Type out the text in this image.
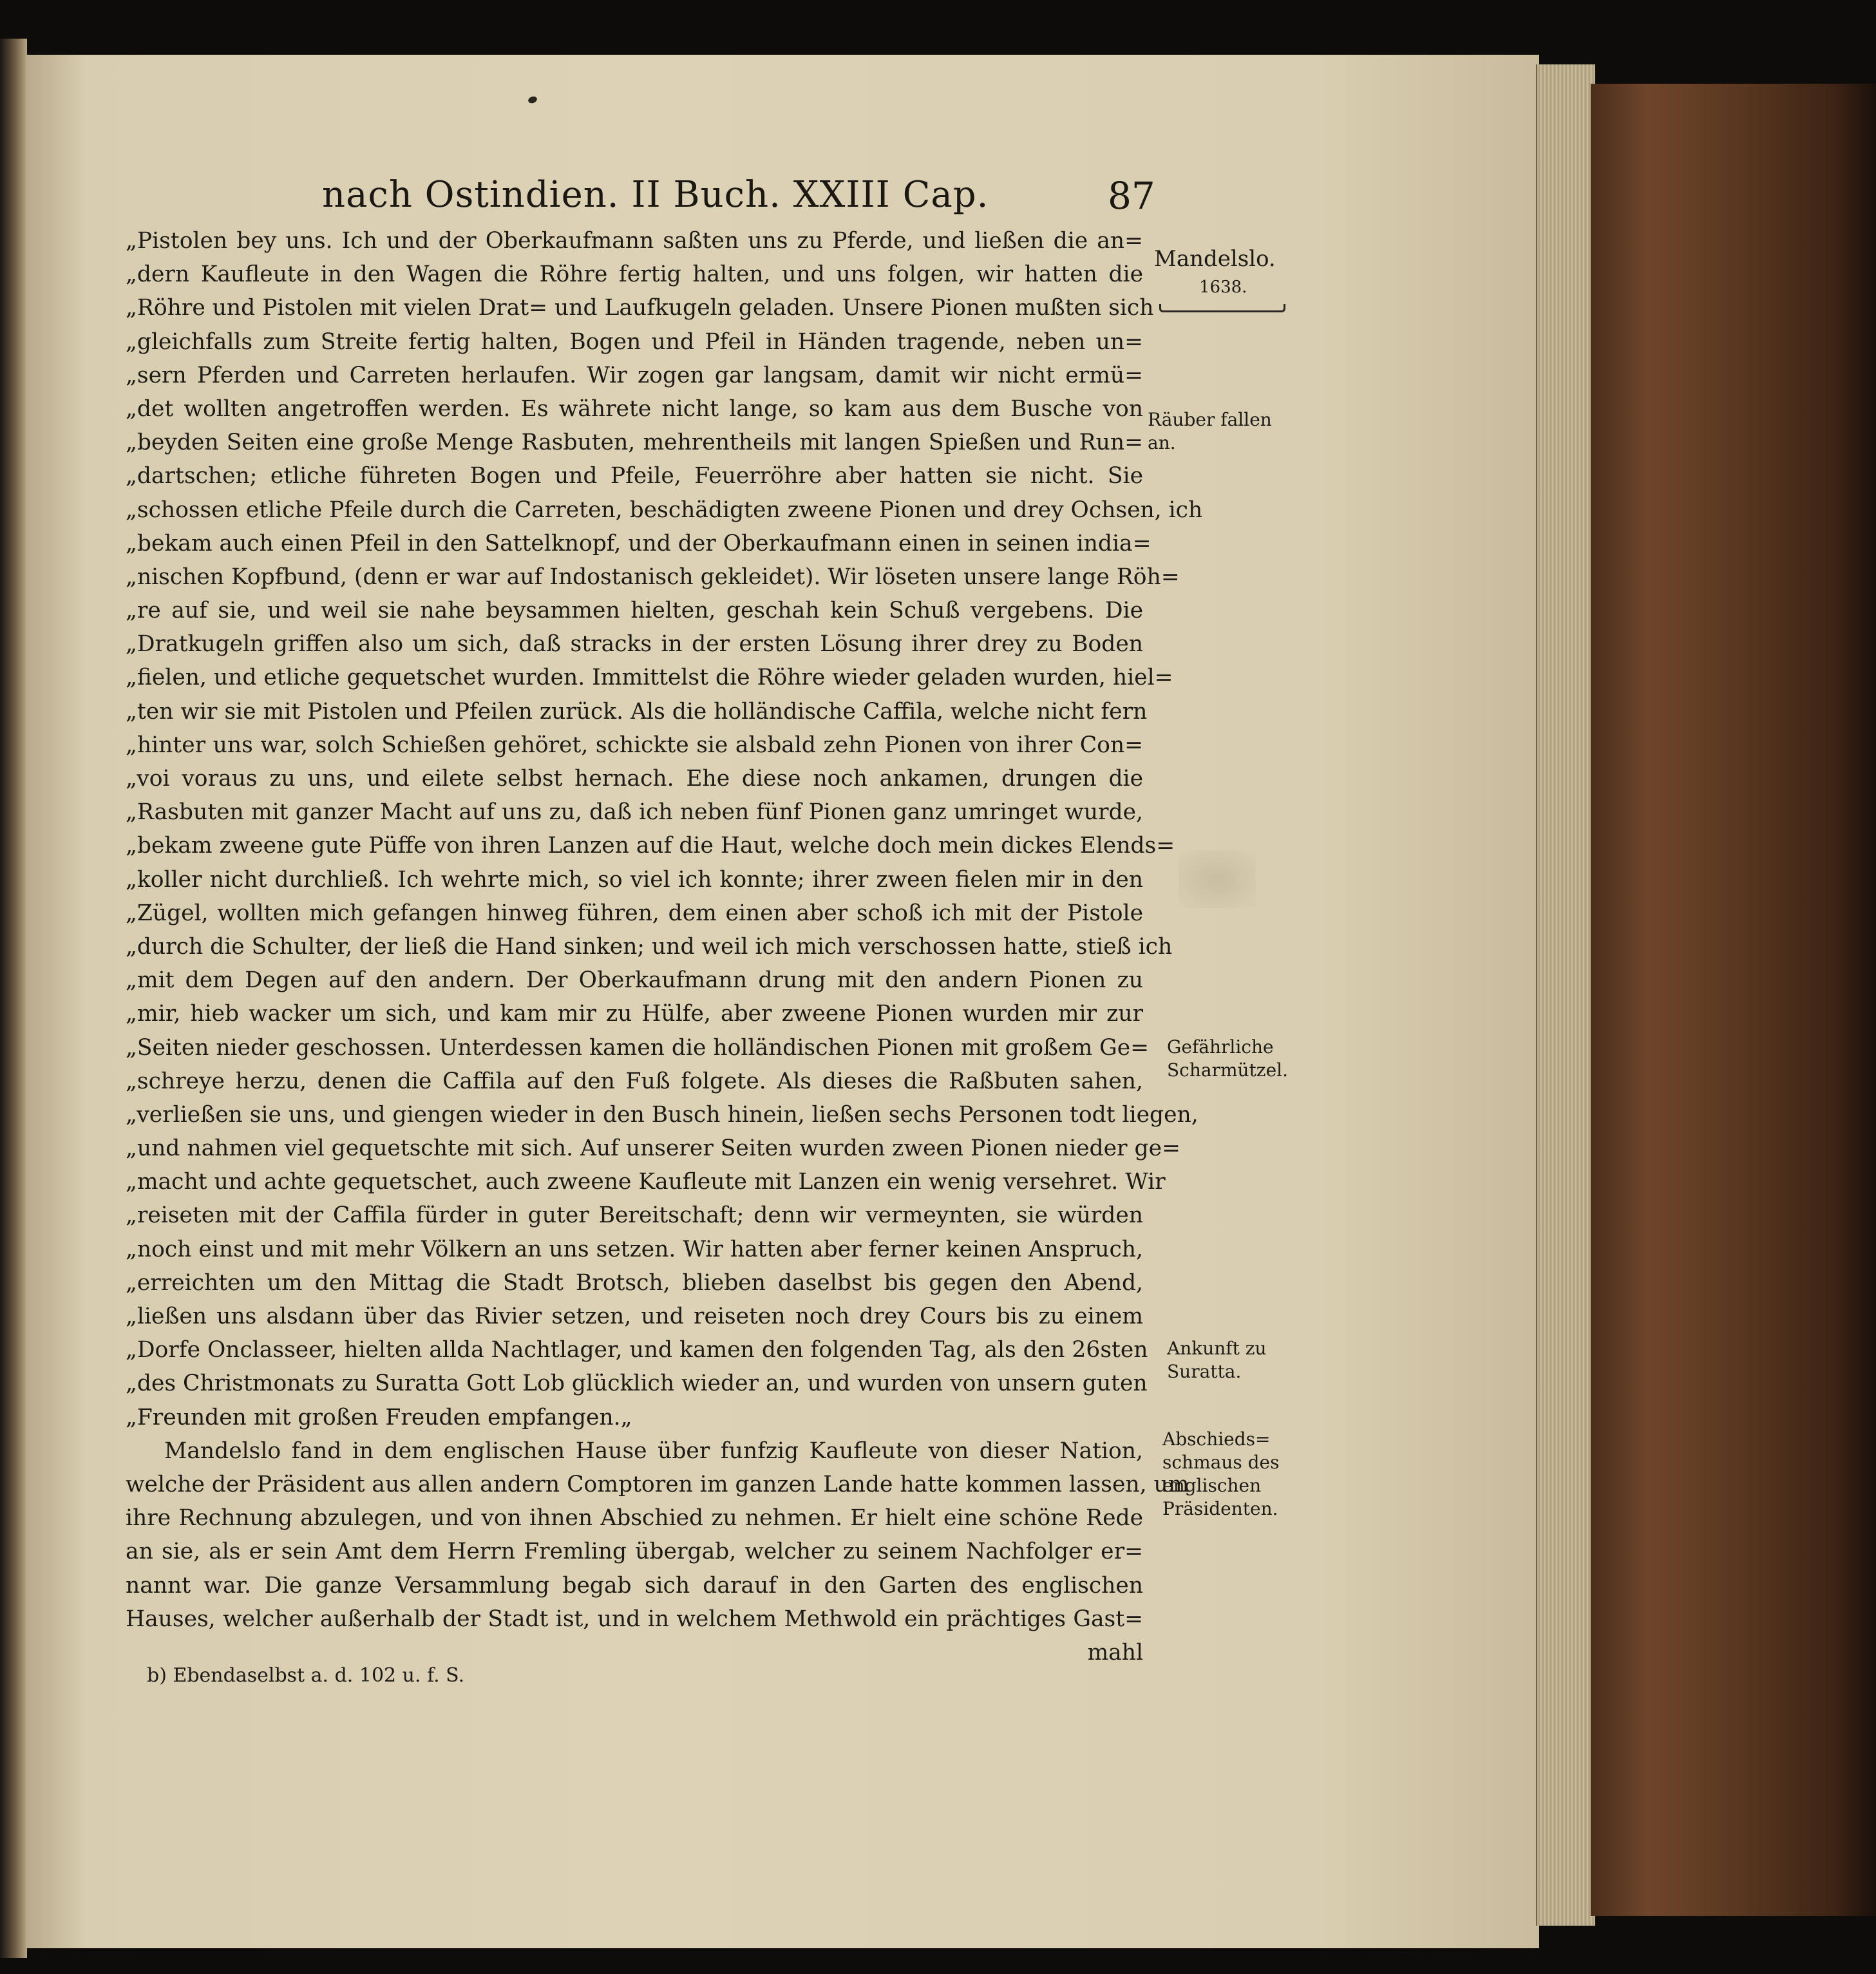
nach Ostindien. II Buch. XXIII Cap.	87
„Pistolen bey uns. Ich und der Oberkaufmann saßten uns zu Pferde, und ließen die an=
„dern Kaufleute in den Wagen die Röhre fertig halten, und uns folgen, wir hatten die
„Röhre und Pistolen mit vielen Drat= und Laufkugeln geladen. Unsere Pionen mußten sich
„gleichfalls zum Streite fertig halten, Bogen und Pfeil in Händen tragende, neben un=
„sern Pferden und Carreten herlaufen. Wir zogen gar langsam, damit wir nicht ermü=
„det wollten angetroffen werden. Es währete nicht lange, so kam aus dem Busche von
„beyden Seiten eine große Menge Rasbuten, mehrentheils mit langen Spießen und Run=
„dartschen; etliche führeten Bogen und Pfeile, Feuerröhre aber hatten sie nicht. Sie
„schossen etliche Pfeile durch die Carreten, beschädigten zweene Pionen und drey Ochsen, ich
„bekam auch einen Pfeil in den Sattelknopf, und der Oberkaufmann einen in seinen india=
„nischen Kopfbund, (denn er war auf Indostanisch gekleidet). Wir löseten unsere lange Röh=
„re auf sie, und weil sie nahe beysammen hielten, geschah kein Schuß vergebens. Die
„Dratkugeln griffen also um sich, daß stracks in der ersten Lösung ihrer drey zu Boden
„fielen, und etliche gequetschet wurden. Immittelst die Röhre wieder geladen wurden, hiel=
„ten wir sie mit Pistolen und Pfeilen zurück. Als die holländische Caffila, welche nicht fern
„hinter uns war, solch Schießen gehöret, schickte sie alsbald zehn Pionen von ihrer Con=
„voi voraus zu uns, und eilete selbst hernach. Ehe diese noch ankamen, drungen die
„Rasbuten mit ganzer Macht auf uns zu, daß ich neben fünf Pionen ganz umringet wurde,
„bekam zweene gute Püffe von ihren Lanzen auf die Haut, welche doch mein dickes Elends=
„koller nicht durchließ. Ich wehrte mich, so viel ich konnte; ihrer zween fielen mir in den
„Zügel, wollten mich gefangen hinweg führen, dem einen aber schoß ich mit der Pistole
„durch die Schulter, der ließ die Hand sinken; und weil ich mich verschossen hatte, stieß ich
„mit dem Degen auf den andern. Der Oberkaufmann drung mit den andern Pionen zu
„mir, hieb wacker um sich, und kam mir zu Hülfe, aber zweene Pionen wurden mir zur
„Seiten nieder geschossen. Unterdessen kamen die holländischen Pionen mit großem Ge=
„schreye herzu, denen die Caffila auf den Fuß folgete. Als dieses die Raßbuten sahen,
„verließen sie uns, und giengen wieder in den Busch hinein, ließen sechs Personen todt liegen,
„und nahmen viel gequetschte mit sich. Auf unserer Seiten wurden zween Pionen nieder ge=
„macht und achte gequetschet, auch zweene Kaufleute mit Lanzen ein wenig versehret. Wir
„reiseten mit der Caffila fürder in guter Bereitschaft; denn wir vermeynten, sie würden
„noch einst und mit mehr Völkern an uns setzen. Wir hatten aber ferner keinen Anspruch,
„erreichten um den Mittag die Stadt Brotsch, blieben daselbst bis gegen den Abend,
„ließen uns alsdann über das Rivier setzen, und reiseten noch drey Cours bis zu einem
„Dorfe Onclasseer, hielten allda Nachtlager, und kamen den folgenden Tag, als den 26sten
„des Christmonats zu Suratta Gott Lob glücklich wieder an, und wurden von unsern guten
„Freunden mit großen Freuden empfangen.„
Mandelslo fand in dem englischen Hause über funfzig Kaufleute von dieser Nation,
welche der Präsident aus allen andern Comptoren im ganzen Lande hatte kommen lassen, um
ihre Rechnung abzulegen, und von ihnen Abschied zu nehmen. Er hielt eine schöne Rede
an sie, als er sein Amt dem Herrn Fremling übergab, welcher zu seinem Nachfolger er=
nannt war. Die ganze Versammlung begab sich darauf in den Garten des englischen
Hauses, welcher außerhalb der Stadt ist, und in welchem Methwold ein prächtiges Gast=
mahl
b) Ebendaselbst a. d. 102 u. f. S.
Mandelslo.
1638.
Räuber fallen
an.
Gefährliche
Scharmützel.
Ankunft zu
Suratta.
Abschieds=
schmaus des
englischen
Präsidenten.
